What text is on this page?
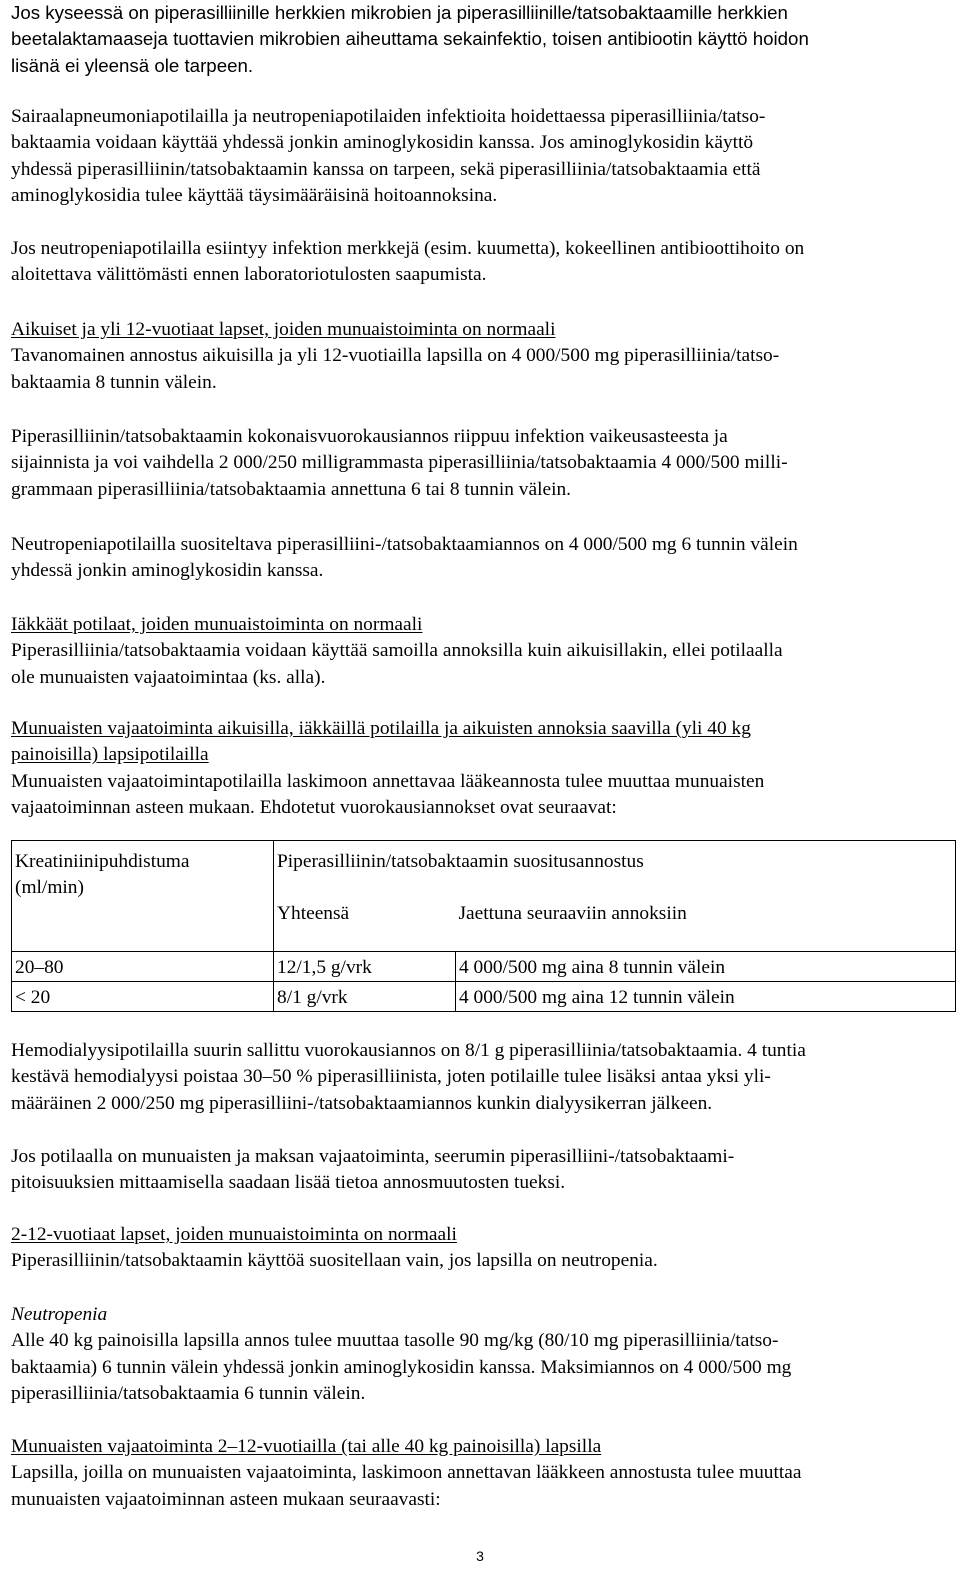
Jos kyseessä on piperasilliinille herkkien mikrobien ja piperasilliinille/tatsobaktaamille herkkien
beetalaktamaaseja tuottavien mikrobien aiheuttama sekainfektio, toisen antibiootin käyttö hoidon
lisänä ei yleensä ole tarpeen.

Sairaalapneumoniapotilailla ja neutropeniapotilaiden infektioita hoidettaessa piperasilliinia/tatso-
baktaamia voidaan käyttää yhdessä jonkin aminoglykosidin kanssa. Jos aminoglykosidin käyttö
yhdessä piperasilliinin/tatsobaktaamin kanssa on tarpeen, sekä piperasilliinia/tatsobaktaamia että
aminoglykosidia tulee käyttää täysimääräisinä hoitoannoksina.

Jos neutropeniapotilailla esiintyy infektion merkkejä (esim. kuumetta), kokeellinen antibioottihoito on
aloitettava välittömästi ennen laboratoriotulosten saapumista.

Aikuiset ja yli 12-vuotiaat lapset, joiden munuaistoiminta on normaali
Tavanomainen annostus aikuisilla ja yli 12-vuotiailla lapsilla on 4 000/500 mg piperasilliinia/tatso-
baktaamia 8 tunnin välein.

Piperasilliinin/tatsobaktaamin kokonaisvuorokausiannos riippuu infektion vaikeusasteesta ja
sijainnista ja voi vaihdella 2 000/250 milligrammasta piperasilliinia/tatsobaktaamia 4 000/500 milli-
grammaan piperasilliinia/tatsobaktaamia annettuna 6 tai 8 tunnin välein.

Neutropeniapotilailla suositeltava piperasilliini-/tatsobaktaamiannos on 4 000/500 mg 6 tunnin välein
yhdessä jonkin aminoglykosidin kanssa.

Iäkkäät potilaat, joiden munuaistoiminta on normaali
Piperasilliinia/tatsobaktaamia voidaan käyttää samoilla annoksilla kuin aikuisillakin, ellei potilaalla
ole munuaisten vajaatoimintaa (ks. alla).

Munuaisten vajaatoiminta aikuisilla, iäkkäillä potilailla ja aikuisten annoksia saavilla (yli 40 kg
painoisilla) lapsipotilailla
Munuaisten vajaatoimintapotilailla laskimoon annettavaa lääkeannosta tulee muuttaa munuaisten
vajaatoiminnan asteen mukaan. Ehdotetut vuorokausiannokset ovat seuraavat:

Kreatiniinipuhdistuma
(ml/min)	Piperasilliinin/tatsobaktaamin suositusannostus	
	Yhteensä	Jaettuna seuraaviin annoksiin
20–80	12/1,5 g/vrk	4 000/500 mg aina 8 tunnin välein
< 20	8/1 g/vrk	4 000/500 mg aina 12 tunnin välein

Hemodialyysipotilailla suurin sallittu vuorokausiannos on 8/1 g piperasilliinia/tatsobaktaamia. 4 tuntia
kestävä hemodialyysi poistaa 30–50 % piperasilliinista, joten potilaille tulee lisäksi antaa yksi yli-
määräinen 2 000/250 mg piperasilliini-/tatsobaktaamiannos kunkin dialyysikerran jälkeen.

Jos potilaalla on munuaisten ja maksan vajaatoiminta, seerumin piperasilliini-/tatsobaktaami-
pitoisuuksien mittaamisella saadaan lisää tietoa annosmuutosten tueksi.

2-12-vuotiaat lapset, joiden munuaistoiminta on normaali
Piperasilliinin/tatsobaktaamin käyttöä suositellaan vain, jos lapsilla on neutropenia.

Neutropenia
Alle 40 kg painoisilla lapsilla annos tulee muuttaa tasolle 90 mg/kg (80/10 mg piperasilliinia/tatso-
baktaamia) 6 tunnin välein yhdessä jonkin aminoglykosidin kanssa. Maksimiannos on 4 000/500 mg
piperasilliinia/tatsobaktaamia 6 tunnin välein.

Munuaisten vajaatoiminta 2–12-vuotiailla (tai alle 40 kg painoisilla) lapsilla
Lapsilla, joilla on munuaisten vajaatoiminta, laskimoon annettavan lääkkeen annostusta tulee muuttaa
munuaisten vajaatoiminnan asteen mukaan seuraavasti:

3
